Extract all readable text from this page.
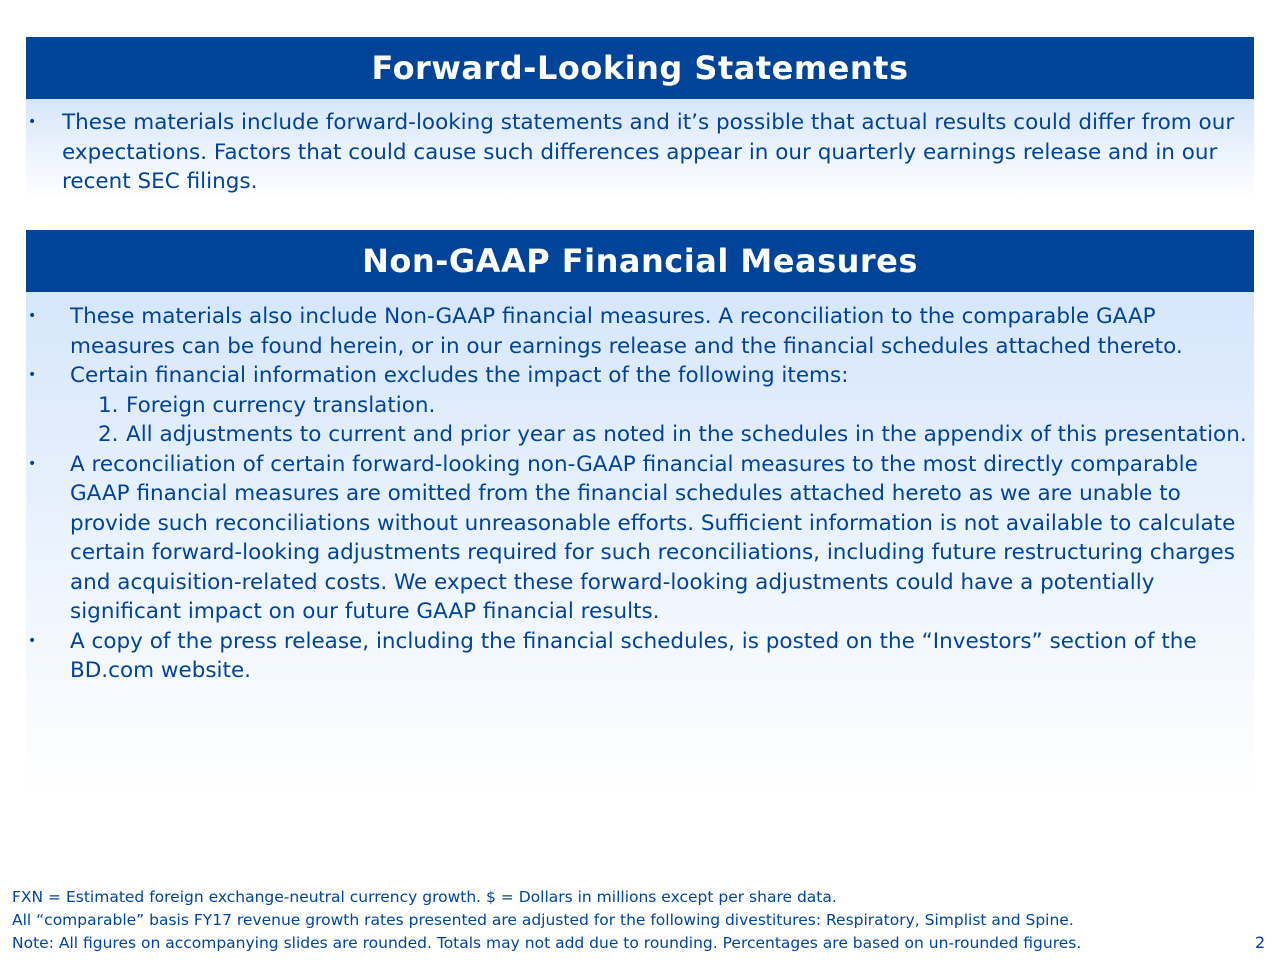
Forward-Looking Statements

• These materials include forward-looking statements and it’s possible that actual results could differ from our expectations. Factors that could cause such differences appear in our quarterly earnings release and in our recent SEC filings.

Non-GAAP Financial Measures
• These materials also include Non-GAAP financial measures. A reconciliation to the comparable GAAP measures can be found herein, or in our earnings release and the financial schedules attached thereto.
• Certain financial information excludes the impact of the following items:
1. Foreign currency translation.
2. All adjustments to current and prior year as noted in the schedules in the appendix of this presentation.
• A reconciliation of certain forward-looking non-GAAP financial measures to the most directly comparable GAAP financial measures are omitted from the financial schedules attached hereto as we are unable to provide such reconciliations without unreasonable efforts. Sufficient information is not available to calculate certain forward-looking adjustments required for such reconciliations, including future restructuring charges and acquisition-related costs. We expect these forward-looking adjustments could have a potentially significant impact on our future GAAP financial results.
• A copy of the press release, including the financial schedules, is posted on the “Investors” section of the BD.com website.

FXN = Estimated foreign exchange-neutral currency growth. $ = Dollars in millions except per share data.

All “comparable” basis FY17 revenue growth rates presented are adjusted for the following divestitures: Respiratory, Simplist and Spine.

Note: All figures on accompanying slides are rounded. Totals may not add due to rounding. Percentages are based on un-rounded figures.	2
